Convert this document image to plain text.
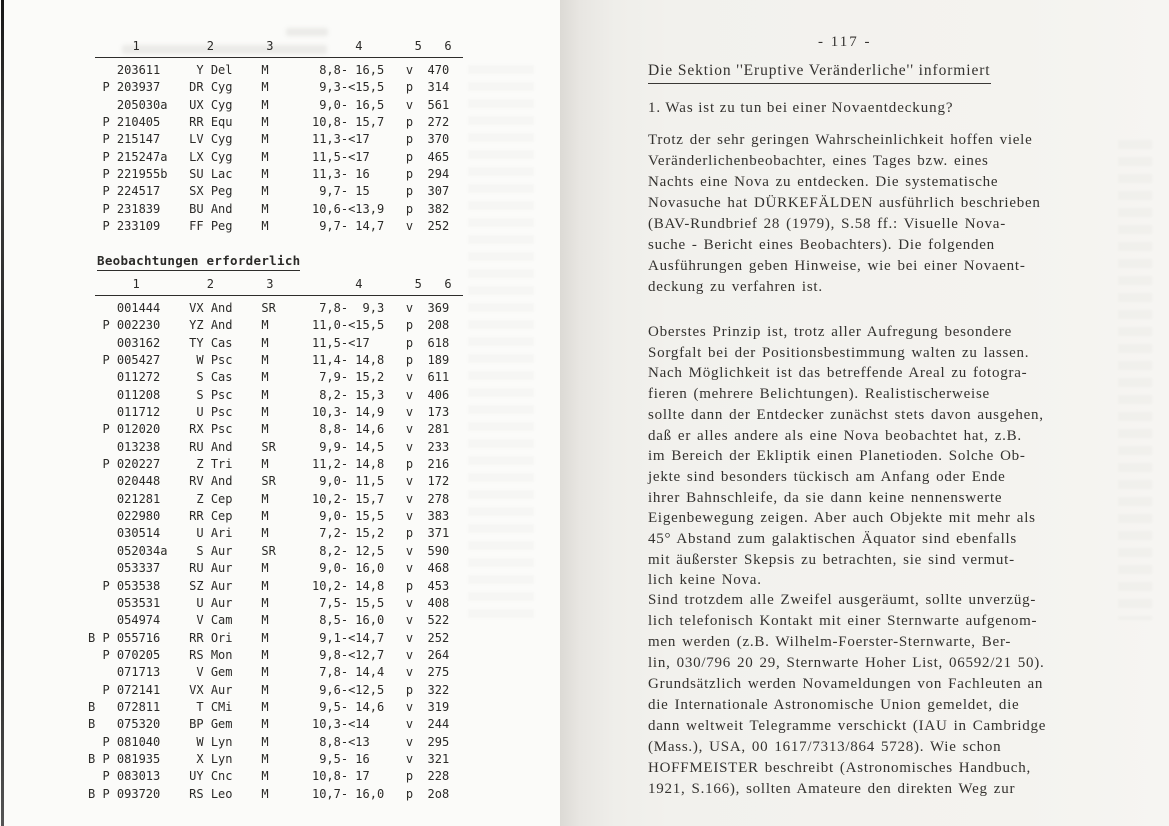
1         2       3           4       5   6
203611     Y Del    M       8,8- 16,5   v  470
P 203937    DR Cyg    M       9,3-<15,5   p  314
205030a   UX Cyg    M       9,0- 16,5   v  561
P 210405    RR Equ    M      10,8- 15,7   p  272
P 215147    LV Cyg    M      11,3-<17     p  370
P 215247a   LX Cyg    M      11,5-<17     p  465
P 221955b   SU Lac    M      11,3- 16     p  294
P 224517    SX Peg    M       9,7- 15     p  307
P 231839    BU And    M      10,6-<13,9   p  382
P 233109    FF Peg    M       9,7- 14,7   v  252
Beobachtungen erforderlich
1         2       3           4       5   6
001444    VX And    SR      7,8-  9,3   v  369
P 002230    YZ And    M      11,0-<15,5   p  208
003162    TY Cas    M      11,5-<17     p  618
P 005427     W Psc    M      11,4- 14,8   p  189
011272     S Cas    M       7,9- 15,2   v  611
011208     S Psc    M       8,2- 15,3   v  406
011712     U Psc    M      10,3- 14,9   v  173
P 012020    RX Psc    M       8,8- 14,6   v  281
013238    RU And    SR      9,9- 14,5   v  233
P 020227     Z Tri    M      11,2- 14,8   p  216
020448    RV And    SR      9,0- 11,5   v  172
021281     Z Cep    M      10,2- 15,7   v  278
022980    RR Cep    M       9,0- 15,5   v  383
030514     U Ari    M       7,2- 15,2   p  371
052034a    S Aur    SR      8,2- 12,5   v  590
053337    RU Aur    M       9,0- 16,0   v  468
P 053538    SZ Aur    M      10,2- 14,8   p  453
053531     U Aur    M       7,5- 15,5   v  408
054974     V Cam    M       8,5- 16,0   v  522
B P 055716    RR Ori    M       9,1-<14,7   v  252
P 070205    RS Mon    M       9,8-<12,7   v  264
071713     V Gem    M       7,8- 14,4   v  275
P 072141    VX Aur    M       9,6-<12,5   p  322
B   072811     T CMi    M       9,5- 14,6   v  319
B   075320    BP Gem    M      10,3-<14     v  244
P 081040     W Lyn    M       8,8-<13     v  295
B P 081935     X Lyn    M       9,5- 16     v  321
P 083013    UY Cnc    M      10,8- 17     p  228
B P 093720    RS Leo    M      10,7- 16,0   p  2o8
- 117 -
Die Sektion ''Eruptive Veränderliche'' informiert
1. Was ist zu tun bei einer Novaentdeckung?
Trotz der sehr geringen Wahrscheinlichkeit hoffen viele
Veränderlichenbeobachter, eines Tages bzw. eines
Nachts eine Nova zu entdecken. Die systematische
Novasuche hat DÜRKEFÄLDEN ausführlich beschrieben
(BAV-Rundbrief 28 (1979), S.58 ff.: Visuelle Nova-
suche - Bericht eines Beobachters). Die folgenden
Ausführungen geben Hinweise, wie bei einer Novaent-
deckung zu verfahren ist.
Oberstes Prinzip ist, trotz aller Aufregung besondere
Sorgfalt bei der Positionsbestimmung walten zu lassen.
Nach Möglichkeit ist das betreffende Areal zu fotogra-
fieren (mehrere Belichtungen). Realistischerweise
sollte dann der Entdecker zunächst stets davon ausgehen,
daß er alles andere als eine Nova beobachtet hat, z.B.
im Bereich der Ekliptik einen Planetioden. Solche Ob-
jekte sind besonders tückisch am Anfang oder Ende
ihrer Bahnschleife, da sie dann keine nennenswerte
Eigenbewegung zeigen. Aber auch Objekte mit mehr als
45° Abstand zum galaktischen Äquator sind ebenfalls
mit äußerster Skepsis zu betrachten, sie sind vermut-
lich keine Nova.
Sind trotzdem alle Zweifel ausgeräumt, sollte unverzüg-
lich telefonisch Kontakt mit einer Sternwarte aufgenom-
men werden (z.B. Wilhelm-Foerster-Sternwarte, Ber-
lin, 030/796 20 29, Sternwarte Hoher List, 06592/21 50).
Grundsätzlich werden Novameldungen von Fachleuten an
die Internationale Astronomische Union gemeldet, die
dann weltweit Telegramme verschickt (IAU in Cambridge
(Mass.), USA, 00 1617/7313/864 5728). Wie schon
HOFFMEISTER beschreibt (Astronomisches Handbuch,
1921, S.166), sollten Amateure den direkten Weg zur
